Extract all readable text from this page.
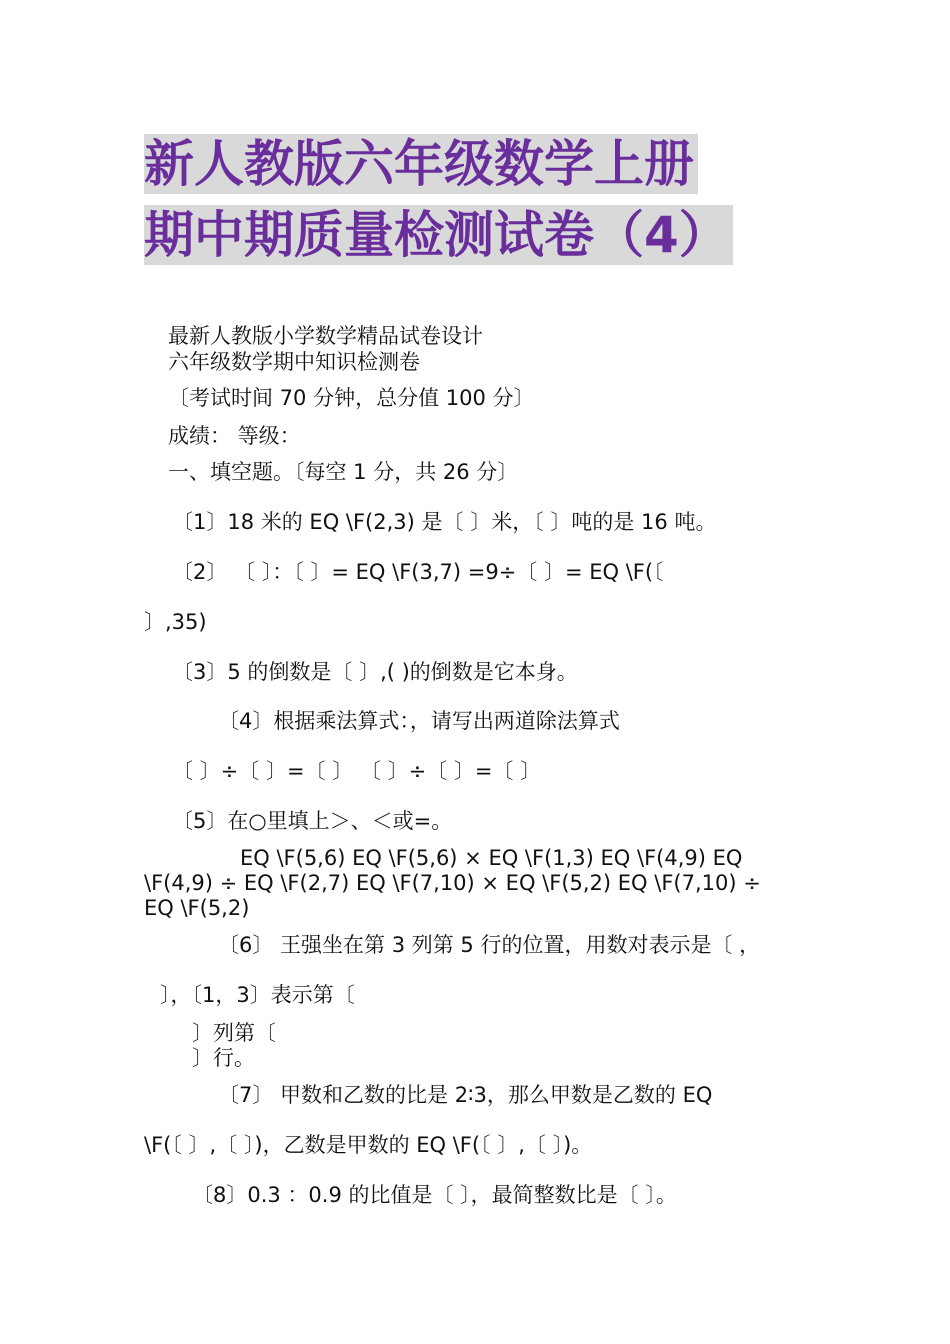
新人教版六年级数学上册
期中期质量检测试卷（4）
最新人教版小学数学精品试卷设计
六年级数学期中知识检测卷
〔考试时间 70 分钟，总分值 100 分〕
成绩： 等级：
一、填空题。〔每空 1 分，共 26 分〕
〔1〕18 米的 EQ \F(2,3) 是〔 〕米，〔 〕吨的是 16 吨。
〔2〕 〔 〕：〔 〕= EQ \F(3,7) =9÷〔 〕= EQ \F(〔
〕,35)
〔3〕5 的倒数是〔 〕,( )的倒数是它本身。
〔4〕根据乘法算式：，请写出两道除法算式
〔 〕÷〔 〕=〔 〕 〔 〕÷〔 〕=〔 〕
〔5〕在○里填上＞、＜或=。
EQ \F(5,6) EQ \F(5,6) × EQ \F(1,3) EQ \F(4,9) EQ
\F(4,9) ÷ EQ \F(2,7) EQ \F(7,10) × EQ \F(5,2) EQ \F(7,10) ÷
EQ \F(5,2)
〔6〕 王强坐在第 3 列第 5 行的位置，用数对表示是〔 ，
〕，〔1，3〕表示第〔
〕列第〔
〕行。
〔7〕 甲数和乙数的比是 2∶3，那么甲数是乙数的 EQ
\F(〔 〕,〔 〕)，乙数是甲数的 EQ \F(〔 〕,〔 〕)。
〔8〕0.3 ：0.9 的比值是〔 〕，最简整数比是〔 〕。
